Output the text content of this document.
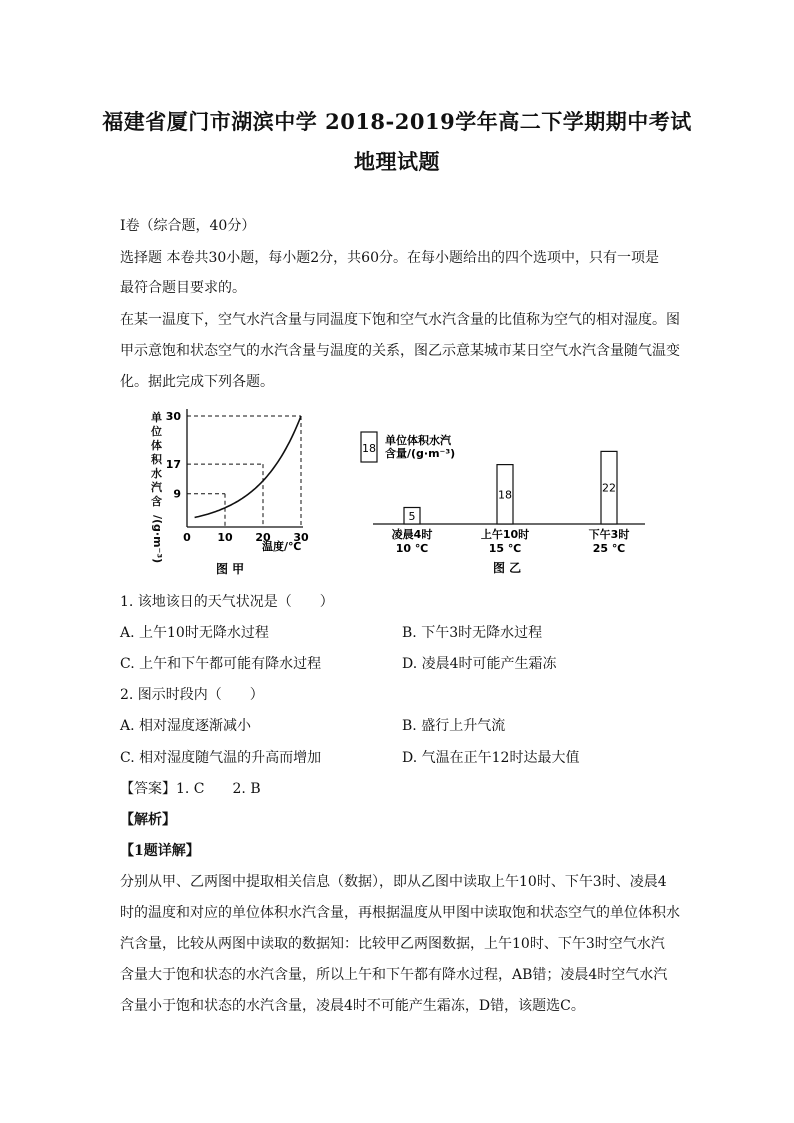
福建省厦门市湖滨中学 2018-2019学年高二下学期期中考试
地理试题
Ⅰ卷（综合题，40分）
选择题 本卷共30小题，每小题2分，共60分。在每小题给出的四个选项中，只有一项是
最符合题目要求的。
在某一温度下，空气水汽含量与同温度下饱和空气水汽含量的比值称为空气的相对湿度。图
甲示意饱和状态空气的水汽含量与温度的关系，图乙示意某城市某日空气水汽含量随气温变
化。据此完成下列各题。
单
位
体
积
水
汽
含
/(g·m⁻³) 0 10 20 30
9
17
30
温度/℃
图 甲
18
单位体积水汽
含量/(g·m⁻³)
5
凌晨4时
10 ℃
18
上午10时
15 ℃
22
下午3时
25 ℃
图 乙
1. 该地该日的天气状况是（　　）
A. 上午10时无降水过程	B. 下午3时无降水过程
C. 上午和下午都可能有降水过程	D. 凌晨4时可能产生霜冻
2. 图示时段内（　　）
A. 相对湿度逐渐减小	B. 盛行上升气流
C. 相对湿度随气温的升高而增加	D. 气温在正午12时达最大值
【答案】1. C　　2. B
【解析】
【1题详解】
分别从甲、乙两图中提取相关信息（数据），即从乙图中读取上午10时、下午3时、凌晨4
时的温度和对应的单位体积水汽含量，再根据温度从甲图中读取饱和状态空气的单位体积水
汽含量，比较从两图中读取的数据知：比较甲乙两图数据，上午10时、下午3时空气水汽
含量大于饱和状态的水汽含量，所以上午和下午都有降水过程，AB错；凌晨4时空气水汽
含量小于饱和状态的水汽含量，凌晨4时不可能产生霜冻，D错，该题选C。
